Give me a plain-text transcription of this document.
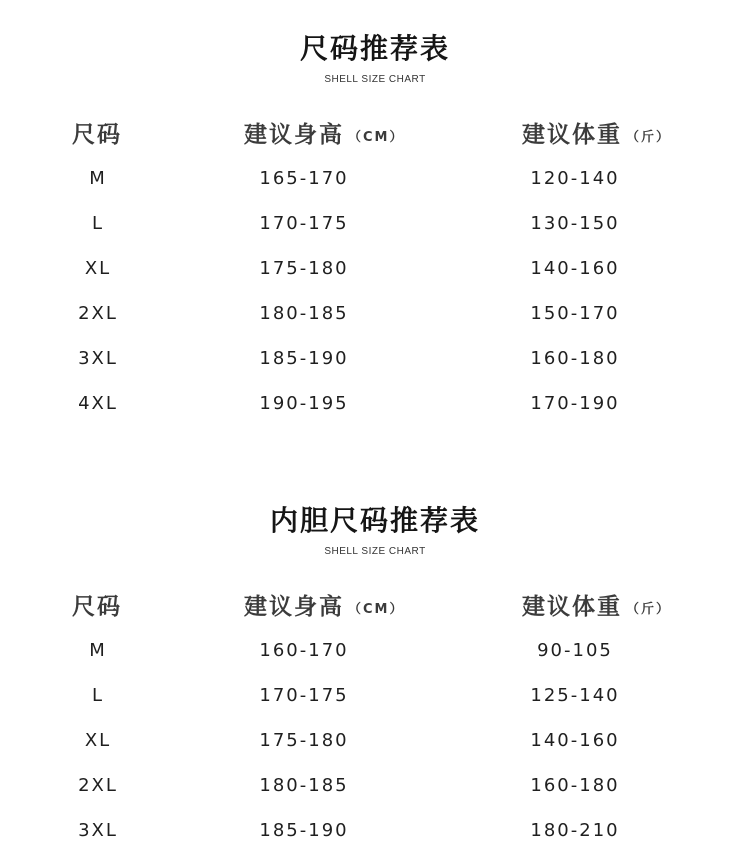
尺码推荐表
SHELL SIZE CHART
尺码	建议身高 （CM）	建议体重 （斤）
M	165-170	120-140
L	170-175	130-150
XL	175-180	140-160
2XL	180-185	150-170
3XL	185-190	160-180
4XL	190-195	170-190
内胆尺码推荐表
SHELL SIZE CHART
尺码	建议身高 （CM）	建议体重 （斤）
M	160-170	90-105
L	170-175	125-140
XL	175-180	140-160
2XL	180-185	160-180
3XL	185-190	180-210
